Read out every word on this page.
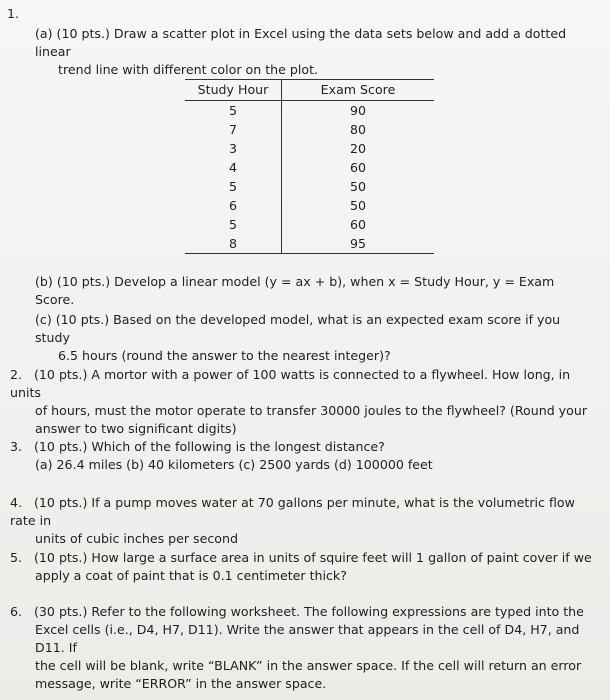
1.
(a) (10 pts.) Draw a scatter plot in Excel using the data sets below and add a dotted linear
trend line with different color on the plot.
Study Hour	Exam Score
5	90
7	80
3	20
4	60
5	50
6	50
5	60
8	95
(b) (10 pts.) Develop a linear model (y = ax + b), when x = Study Hour, y = Exam Score.
(c) (10 pts.) Based on the developed model, what is an expected exam score if you study
6.5 hours (round the answer to the nearest integer)?
2. (10 pts.) A mortor with a power of 100 watts is connected to a flywheel. How long, in units
of hours, must the motor operate to transfer 30000 joules to the flywheel? (Round your
answer to two significant digits)
3. (10 pts.) Which of the following is the longest distance?
(a) 26.4 miles (b) 40 kilometers (c) 2500 yards (d) 100000 feet
4. (10 pts.) If a pump moves water at 70 gallons per minute, what is the volumetric flow rate in
units of cubic inches per second
5. (10 pts.) How large a surface area in units of squire feet will 1 gallon of paint cover if we
apply a coat of paint that is 0.1 centimeter thick?
6. (30 pts.) Refer to the following worksheet. The following expressions are typed into the
Excel cells (i.e., D4, H7, D11). Write the answer that appears in the cell of D4, H7, and D11. If
the cell will be blank, write “BLANK” in the answer space. If the cell will return an error
message, write “ERROR” in the answer space.
